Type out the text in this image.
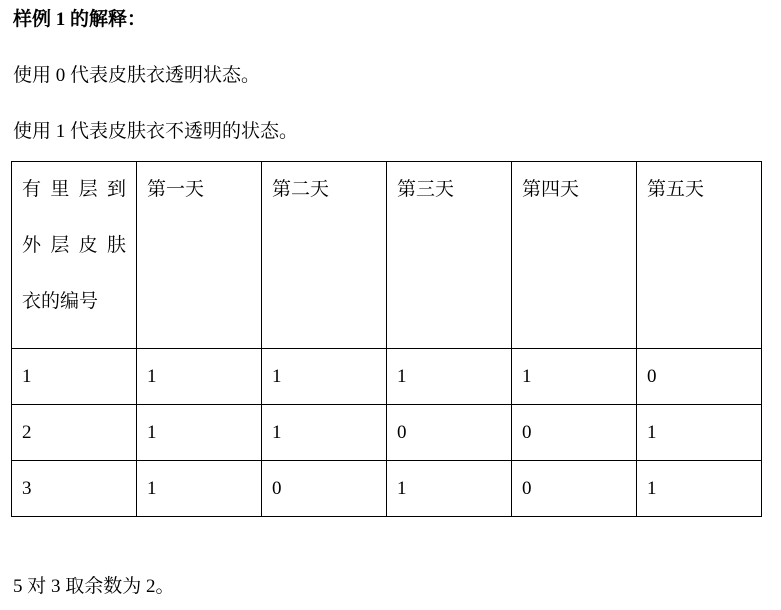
样例 1 的解释：
使用 0 代表皮肤衣透明状态。
使用 1 代表皮肤衣不透明的状态。
有里层到
外层皮肤
衣的编号	第一天	第二天	第三天	第四天	第五天
1	1	1	1	1	0
2	1	1	0	0	1
3	1	0	1	0	1
5 对 3 取余数为 2。
